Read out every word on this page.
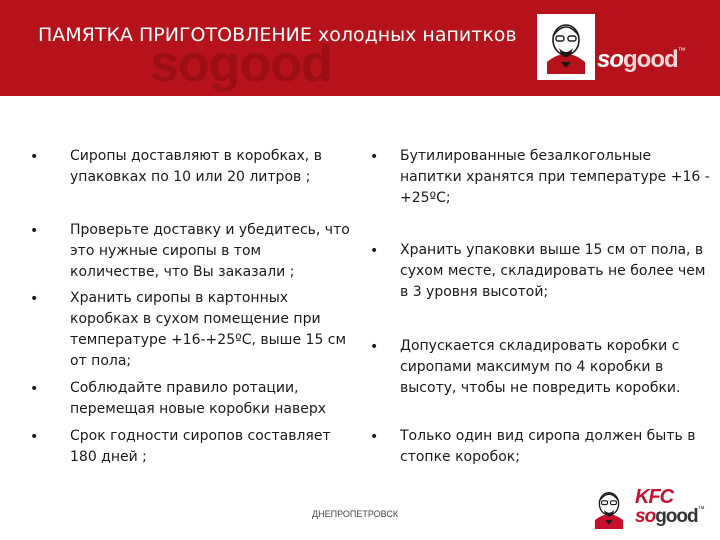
sogood
ПАМЯТКА ПРИГОТОВЛЕНИЕ холодных напитков
sogood™
• Сиропы доставляют в коробках, в упаковках по 10 или 20 литров ;
• Проверьте доставку и убедитесь, что это нужные сиропы в том количестве, что Вы заказали ;
• Хранить сиропы в картонных коробках в сухом помещение при температуре +16-+25ºС, выше 15 см от пола;
• Соблюдайте правило ротации, перемещая новые коробки наверх
• Срок годности сиропов составляет 180 дней ;
• Бутилированные безалкогольные напитки хранятся при температуре +16 - +25ºС;
• Хранить упаковки выше 15 см от пола, в сухом месте, складировать не более чем в 3 уровня высотой;
• Допускается складировать коробки с сиропами максимум по 4 коробки в высоту, чтобы не повредить коробки.
• Только один вид сиропа должен быть в стопке коробок;
ДНЕПРОПЕТРОВСК
KFC
sogood™
